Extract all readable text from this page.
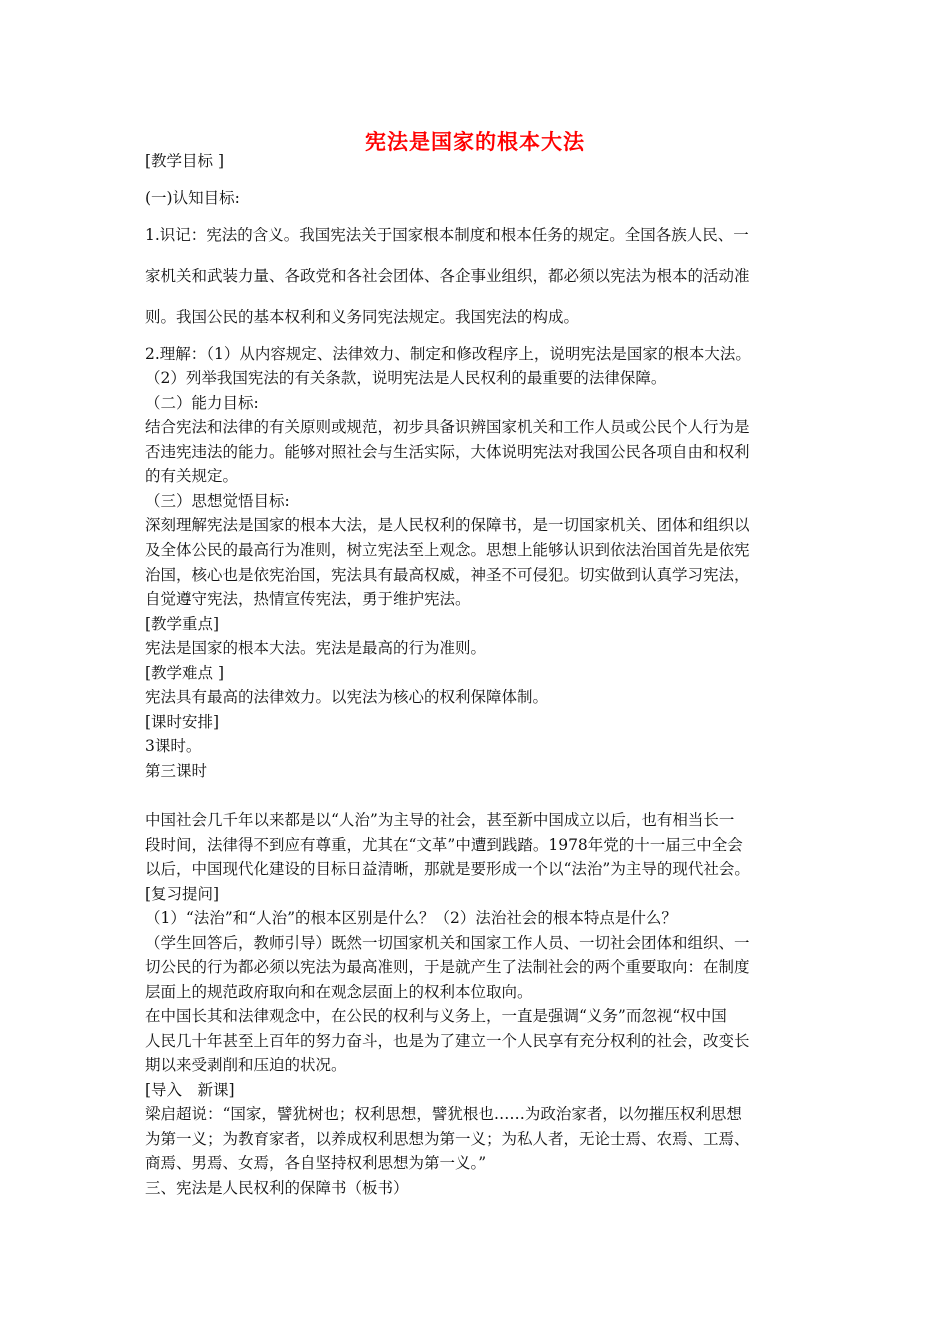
宪法是国家的根本大法
[教学目标 ]
(一)认知目标:
1.识记：宪法的含义。我国宪法关于国家根本制度和根本任务的规定。全国各族人民、一
家机关和武装力量、各政党和各社会团体、各企事业组织，都必须以宪法为根本的活动准
则。我国公民的基本权利和义务同宪法规定。我国宪法的构成。
2.理解：（1）从内容规定、法律效力、制定和修改程序上，说明宪法是国家的根本大法。
（2）列举我国宪法的有关条款，说明宪法是人民权利的最重要的法律保障。
（二）能力目标:
结合宪法和法律的有关原则或规范，初步具备识辨国家机关和工作人员或公民个人行为是
否违宪违法的能力。能够对照社会与生活实际，大体说明宪法对我国公民各项自由和权利
的有关规定。
（三）思想觉悟目标:
深刻理解宪法是国家的根本大法，是人民权利的保障书，是一切国家机关、团体和组织以
及全体公民的最高行为准则，树立宪法至上观念。思想上能够认识到依法治国首先是依宪
治国，核心也是依宪治国，宪法具有最高权威，神圣不可侵犯。切实做到认真学习宪法，
自觉遵守宪法，热情宣传宪法，勇于维护宪法。
[教学重点]
宪法是国家的根本大法。宪法是最高的行为准则。
[教学难点 ]
宪法具有最高的法律效力。以宪法为核心的权利保障体制。
[课时安排]
3课时。
第三课时
中国社会几千年以来都是以“人治”为主导的社会，甚至新中国成立以后，也有相当长一
段时间，法律得不到应有尊重，尤其在“文革”中遭到践踏。1978年党的十一届三中全会
以后，中国现代化建设的目标日益清晰，那就是要形成一个以“法治”为主导的现代社会。
[复习提问]
（1）“法治”和“人治”的根本区别是什么？（2）法治社会的根本特点是什么？
（学生回答后，教师引导）既然一切国家机关和国家工作人员、一切社会团体和组织、一
切公民的行为都必须以宪法为最高准则，于是就产生了法制社会的两个重要取向：在制度
层面上的规范政府取向和在观念层面上的权利本位取向。
在中国长其和法律观念中，在公民的权利与义务上，一直是强调“义务”而忽视“权中国
人民几十年甚至上百年的努力奋斗，也是为了建立一个人民享有充分权利的社会，改变长
期以来受剥削和压迫的状况。
[导入　新课]
梁启超说：“国家，譬犹树也；权利思想，譬犹根也……为政治家者，以勿摧压权利思想
为第一义；为教育家者，以养成权利思想为第一义；为私人者，无论士焉、农焉、工焉、
商焉、男焉、女焉，各自坚持权利思想为第一义。”
三、宪法是人民权利的保障书（板书）
